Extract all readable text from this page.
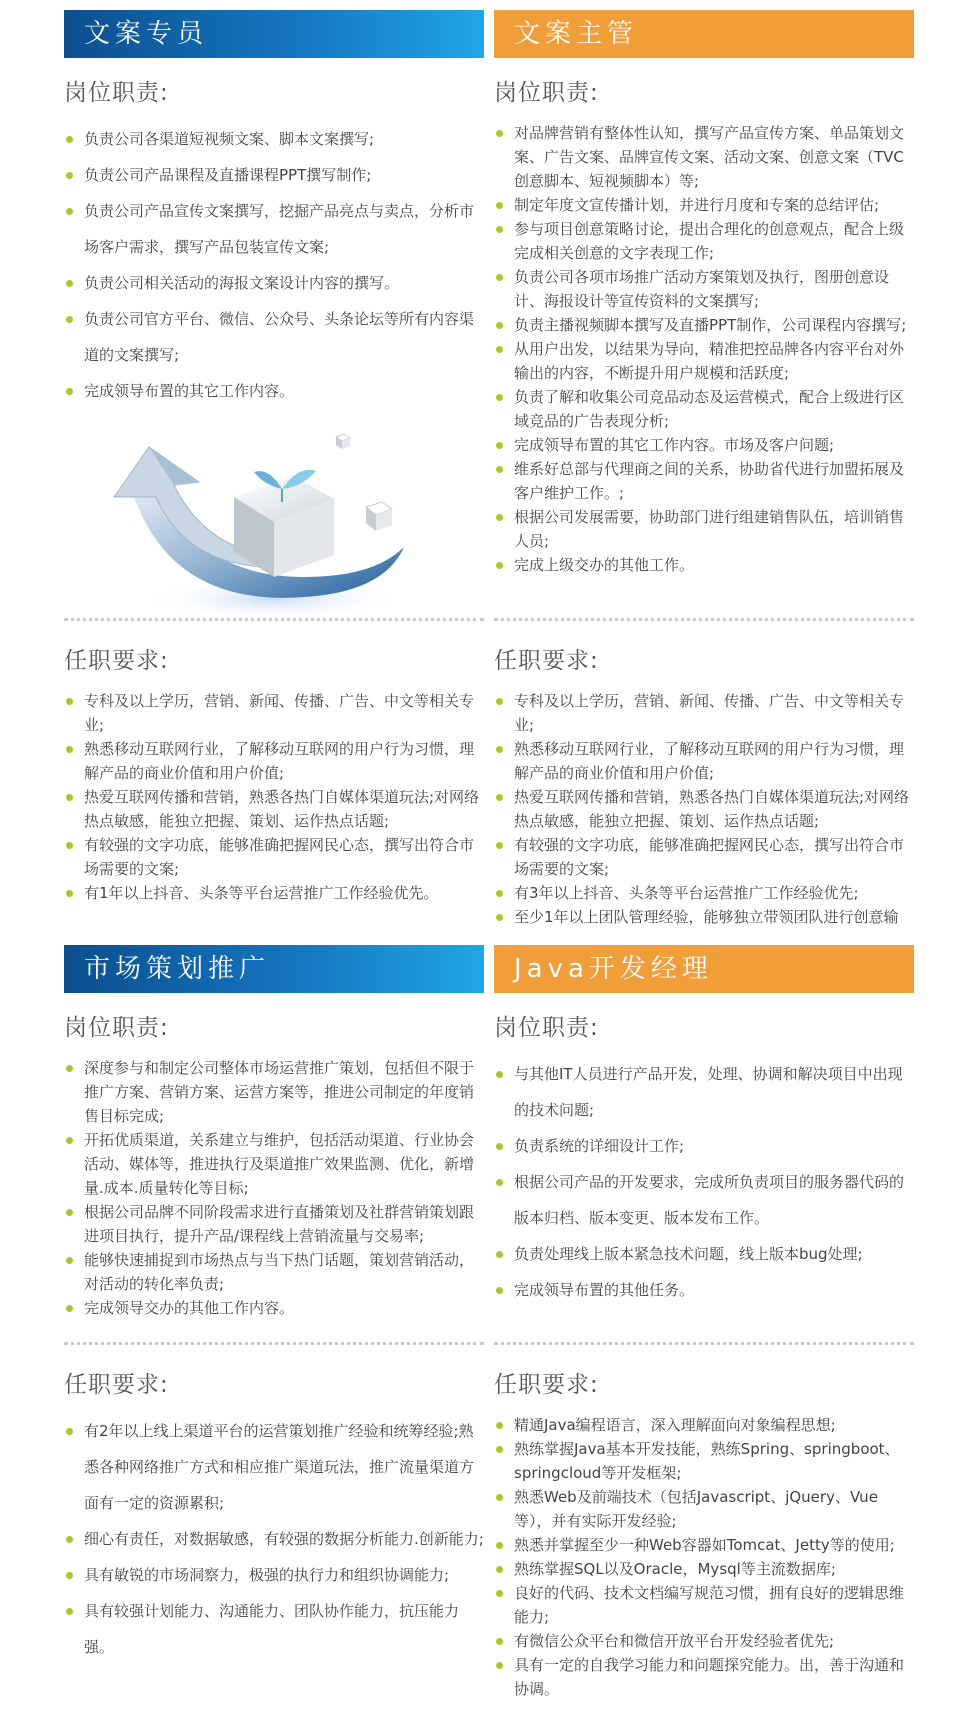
文案专员
岗位职责:
负责公司各渠道短视频文案、脚本文案撰写;
负责公司产品课程及直播课程PPT撰写制作;
负责公司产品宣传文案撰写，挖掘产品亮点与卖点，分析市场客户需求，撰写产品包装宣传文案;
负责公司相关活动的海报文案设计内容的撰写。
负责公司官方平台、微信、公众号、头条论坛等所有内容渠道的文案撰写;
完成领导布置的其它工作内容。
文案主管
岗位职责:
对品牌营销有整体性认知，撰写产品宣传方案、单品策划文案、广告文案、品牌宣传文案、活动文案、创意文案（TVC创意脚本、短视频脚本）等;
制定年度文宣传播计划，并进行月度和专案的总结评估;
参与项目创意策略讨论，提出合理化的创意观点，配合上级完成相关创意的文字表现工作;
负责公司各项市场推广活动方案策划及执行，图册创意设计、海报设计等宣传资料的文案撰写;
负责主播视频脚本撰写及直播PPT制作，公司课程内容撰写;
从用户出发，以结果为导向，精准把控品牌各内容平台对外输出的内容，不断提升用户规模和活跃度;
负责了解和收集公司竞品动态及运营模式，配合上级进行区域竞品的广告表现分析;
完成领导布置的其它工作内容。市场及客户问题;
维系好总部与代理商之间的关系，协助省代进行加盟拓展及客户维护工作。;
根据公司发展需要，协助部门进行组建销售队伍，培训销售人员;
完成上级交办的其他工作。
任职要求:
专科及以上学历，营销、新闻、传播、广告、中文等相关专业;
熟悉移动互联网行业，了解移动互联网的用户行为习惯，理解产品的商业价值和用户价值;
热爱互联网传播和营销，熟悉各热门自媒体渠道玩法;对网络热点敏感，能独立把握、策划、运作热点话题;
有较强的文字功底，能够准确把握网民心态，撰写出符合市场需要的文案;
有1年以上抖音、头条等平台运营推广工作经验优先。
任职要求:
专科及以上学历，营销、新闻、传播、广告、中文等相关专业;
熟悉移动互联网行业，了解移动互联网的用户行为习惯，理解产品的商业价值和用户价值;
热爱互联网传播和营销，熟悉各热门自媒体渠道玩法;对网络热点敏感，能独立把握、策划、运作热点话题;
有较强的文字功底，能够准确把握网民心态，撰写出符合市场需要的文案;
有3年以上抖音、头条等平台运营推广工作经验优先;
至少1年以上团队管理经验，能够独立带领团队进行创意输
市场策划推广
岗位职责:
深度参与和制定公司整体市场运营推广策划，包括但不限于推广方案、营销方案、运营方案等，推进公司制定的年度销售目标完成;
开拓优质渠道，关系建立与维护，包括活动渠道、行业协会活动、媒体等，推进执行及渠道推广效果监测、优化，新增量.成本.质量转化等目标;
根据公司品牌不同阶段需求进行直播策划及社群营销策划跟进项目执行，提升产品/课程线上营销流量与交易率;
能够快速捕捉到市场热点与当下热门话题，策划营销活动，对活动的转化率负责;
完成领导交办的其他工作内容。
Java开发经理
岗位职责:
与其他IT人员进行产品开发，处理、协调和解决项目中出现的技术问题;
负责系统的详细设计工作;
根据公司产品的开发要求，完成所负责项目的服务器代码的版本归档、版本变更、版本发布工作。
负责处理线上版本紧急技术问题，线上版本bug处理;
完成领导布置的其他任务。
任职要求:
有2年以上线上渠道平台的运营策划推广经验和统筹经验;熟悉各种网络推广方式和相应推广渠道玩法，推广流量渠道方面有一定的资源累积;
细心有责任，对数据敏感，有较强的数据分析能力.创新能力;
具有敏锐的市场洞察力，极强的执行力和组织协调能力;
具有较强计划能力、沟通能力、团队协作能力，抗压能力强。
任职要求:
精通Java编程语言，深入理解面向对象编程思想;
熟练掌握Java基本开发技能，熟练Spring、springboot、springcloud等开发框架;
熟悉Web及前端技术（包括Javascript、jQuery、Vue等），并有实际开发经验;
熟悉并掌握至少一种Web容器如Tomcat、Jetty等的使用;
熟练掌握SQL以及Oracle，Mysql等主流数据库;
良好的代码、技术文档编写规范习惯，拥有良好的逻辑思维能力;
有微信公众平台和微信开放平台开发经验者优先;
具有一定的自我学习能力和问题探究能力。出，善于沟通和协调。
